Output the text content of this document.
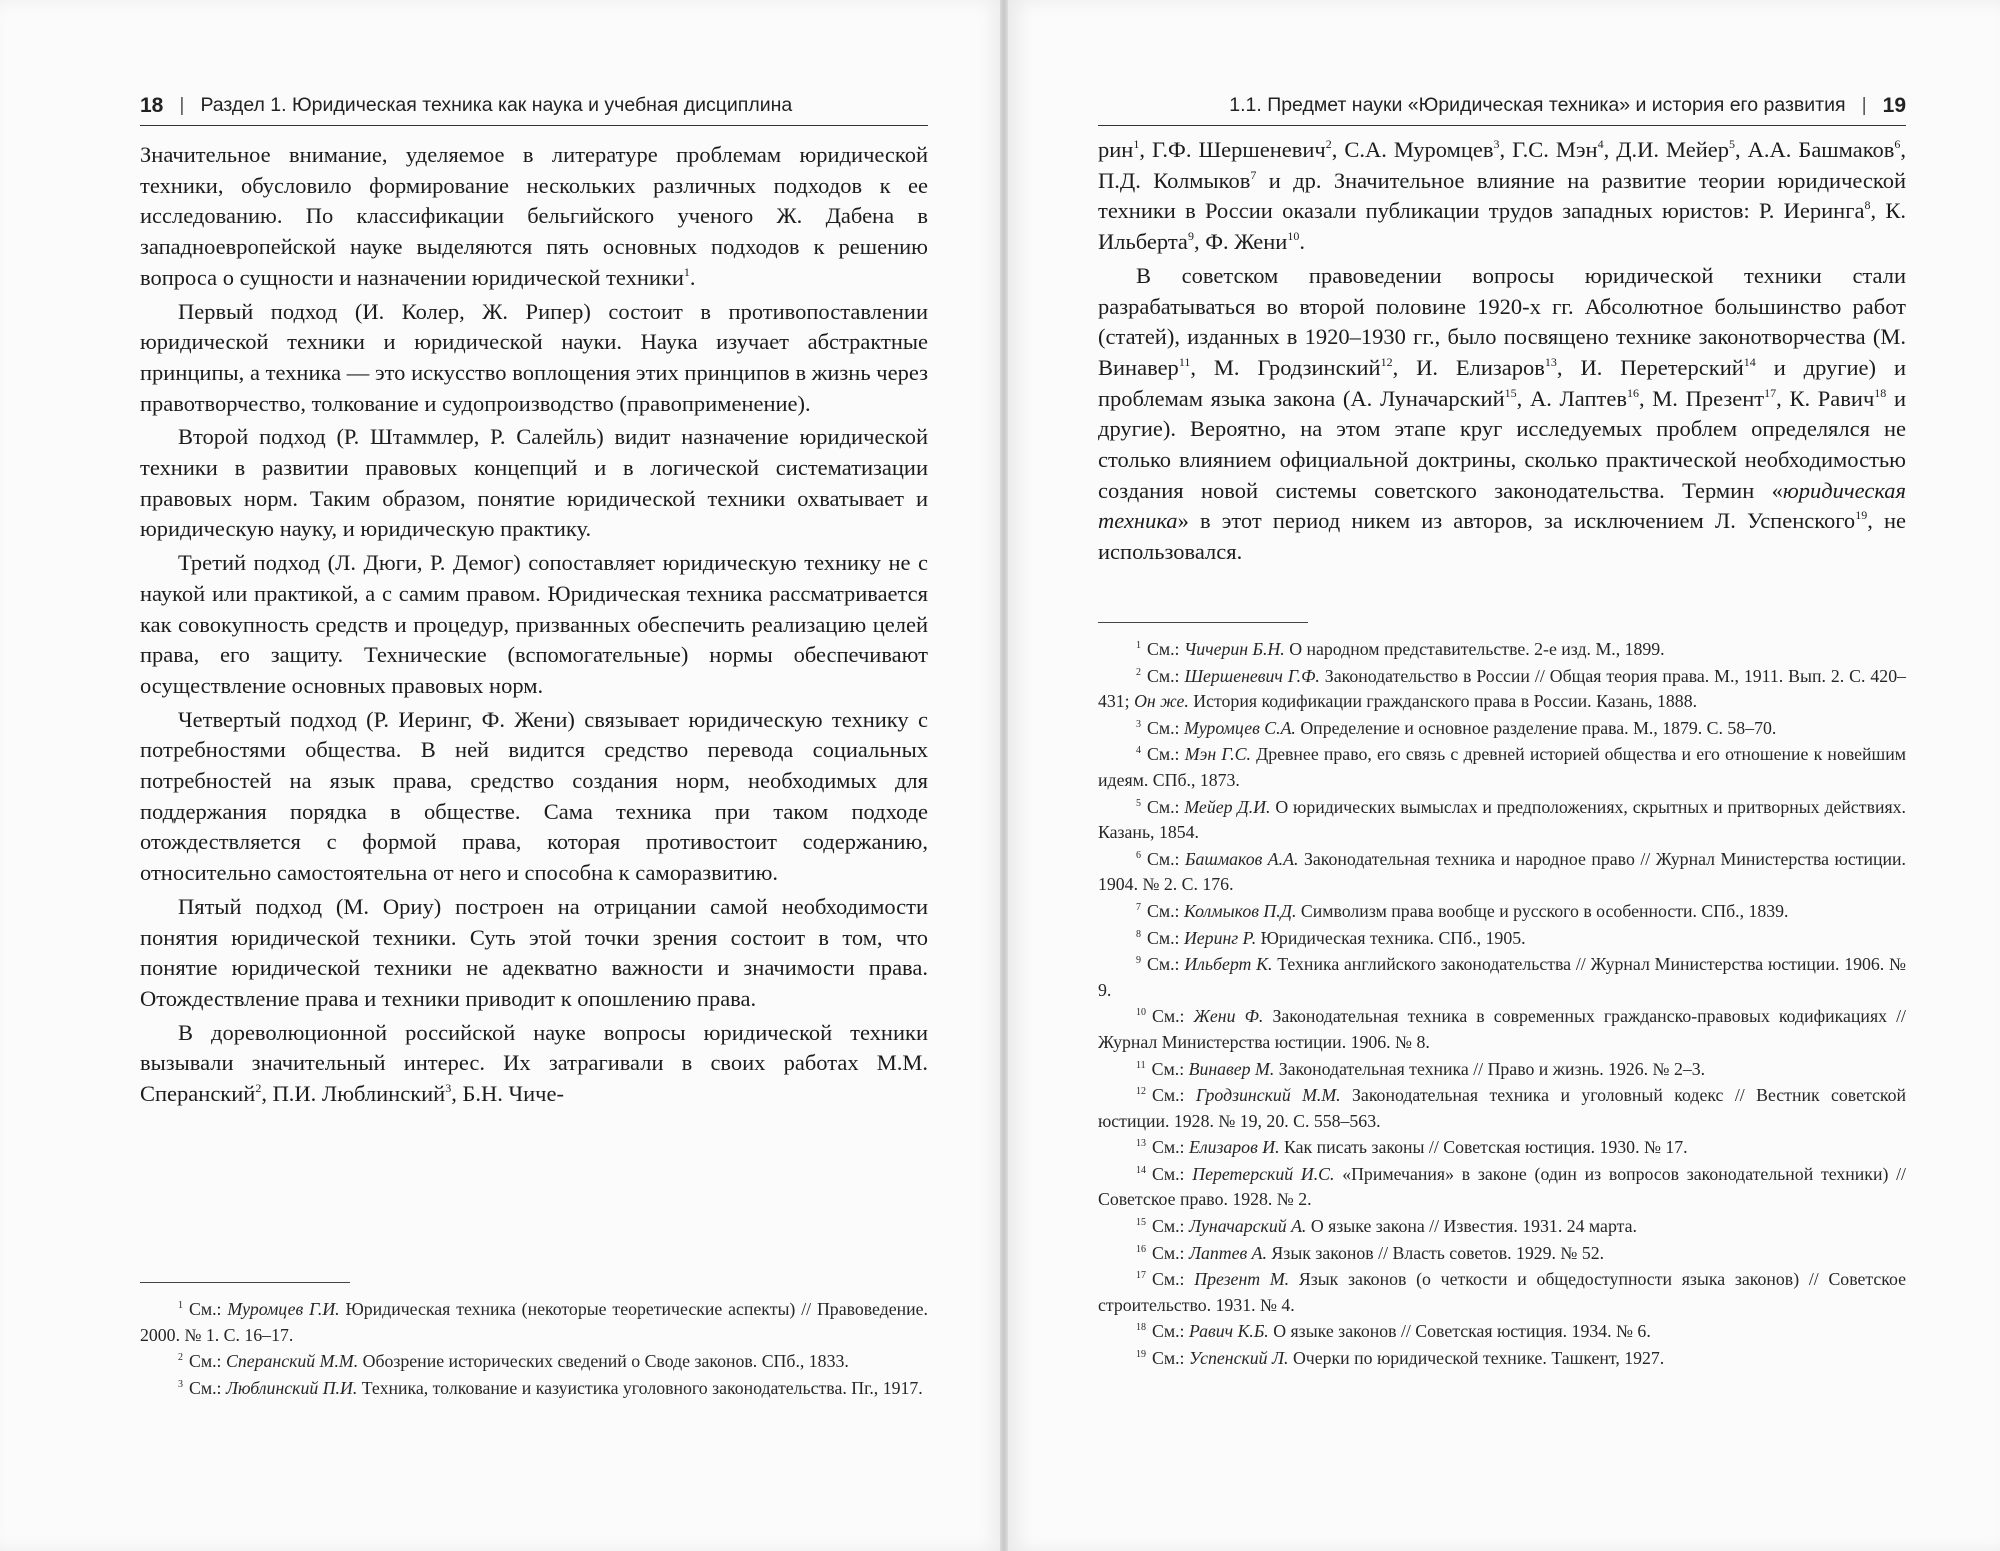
18 | Раздел 1. Юридическая техника как наука и учебная дисциплина

Значительное внимание, уделяемое в литературе проблемам юридической техники, обусловило формирование нескольких различных подходов к ее исследованию. По классификации бельгийского ученого Ж. Дабена в западноевропейской науке выделяются пять основных подходов к решению вопроса о сущности и назначении юридической техники$^1$.

Первый подход (И. Колер, Ж. Рипер) состоит в противопоставлении юридической техники и юридической науки. Наука изучает абстрактные принципы, а техника — это искусство воплощения этих принципов в жизнь через правотворчество, толкование и судопроизводство (правоприменение).

Второй подход (Р. Штаммлер, Р. Салейль) видит назначение юридической техники в развитии правовых концепций и в логической систематизации правовых норм. Таким образом, понятие юридической техники охватывает и юридическую науку, и юридическую практику.

Третий подход (Л. Дюги, Р. Демог) сопоставляет юридическую технику не с наукой или практикой, а с самим правом. Юридическая техника рассматривается как совокупность средств и процедур, призванных обеспечить реализацию целей права, его защиту. Технические (вспомогательные) нормы обеспечивают осуществление основных правовых норм.

Четвертый подход (Р. Иеринг, Ф. Жени) связывает юридическую технику с потребностями общества. В ней видится средство перевода социальных потребностей на язык права, средство создания норм, необходимых для поддержания порядка в обществе. Сама техника при таком подходе отождествляется с формой права, которая противостоит содержанию, относительно самостоятельна от него и способна к саморазвитию.

Пятый подход (М. Ориу) построен на отрицании самой необходимости понятия юридической техники. Суть этой точки зрения состоит в том, что понятие юридической техники не адекватно важности и значимости права. Отождествление права и техники приводит к опошлению права.

В дореволюционной российской науке вопросы юридической техники вызывали значительный интерес. Их затрагивали в своих работах М.М. Сперанский$^2$, П.И. Люблинский$^3$, Б.Н. Чиче-

$^1$ См.: Муромцев Г.И. Юридическая техника (некоторые теоретические аспекты) // Правоведение. 2000. № 1. С. 16–17.

$^2$ См.: Сперанский М.М. Обозрение исторических сведений о Своде законов. СПб., 1833.

$^3$ См.: Люблинский П.И. Техника, толкование и казуистика уголовного законодательства. Пг., 1917.

1.1. Предмет науки «Юридическая техника» и история его развития | 19

рин$^1$, Г.Ф. Шершеневич$^2$, С.А. Муромцев$^3$, Г.С. Мэн$^4$, Д.И. Мейер$^5$, А.А. Башмаков$^6$, П.Д. Колмыков$^7$ и др. Значительное влияние на развитие теории юридической техники в России оказали публикации трудов западных юристов: Р. Иеринга$^8$, К. Ильберта$^9$, Ф. Жени$^{10}$.

В советском правоведении вопросы юридической техники стали разрабатываться во второй половине 1920-х гг. Абсолютное большинство работ (статей), изданных в 1920–1930 гг., было посвящено технике законотворчества (М. Винавер$^{11}$, М. Гродзинский$^{12}$, И. Елизаров$^{13}$, И. Перетерский$^{14}$ и другие) и проблемам языка закона (А. Луначарский$^{15}$, А. Лаптев$^{16}$, М. Презент$^{17}$, К. Равич$^{18}$ и другие). Вероятно, на этом этапе круг исследуемых проблем определялся не столько влиянием официальной доктрины, сколько практической необходимостью создания новой системы советского законодательства. Термин «юридическая техника» в этот период никем из авторов, за исключением Л. Успенского$^{19}$, не использовался.

$^1$ См.: Чичерин Б.Н. О народном представительстве. 2-е изд. М., 1899.

$^2$ См.: Шершеневич Г.Ф. Законодательство в России // Общая теория права. М., 1911. Вып. 2. С. 420–431; Он же. История кодификации гражданского права в России. Казань, 1888.

$^3$ См.: Муромцев С.А. Определение и основное разделение права. М., 1879. С. 58–70.

$^4$ См.: Мэн Г.С. Древнее право, его связь с древней историей общества и его отношение к новейшим идеям. СПб., 1873.

$^5$ См.: Мейер Д.И. О юридических вымыслах и предположениях, скрытных и притворных действиях. Казань, 1854.

$^6$ См.: Башмаков А.А. Законодательная техника и народное право // Журнал Министерства юстиции. 1904. № 2. С. 176.

$^7$ См.: Колмыков П.Д. Символизм права вообще и русского в особенности. СПб., 1839.

$^8$ См.: Иеринг Р. Юридическая техника. СПб., 1905.

$^9$ См.: Ильберт К. Техника английского законодательства // Журнал Министерства юстиции. 1906. № 9.

$^{10}$ См.: Жени Ф. Законодательная техника в современных гражданско-правовых кодификациях // Журнал Министерства юстиции. 1906. № 8.

$^{11}$ См.: Винавер М. Законодательная техника // Право и жизнь. 1926. № 2–3.

$^{12}$ См.: Гродзинский М.М. Законодательная техника и уголовный кодекс // Вестник советской юстиции. 1928. № 19, 20. С. 558–563.

$^{13}$ См.: Елизаров И. Как писать законы // Советская юстиция. 1930. № 17.

$^{14}$ См.: Перетерский И.С. «Примечания» в законе (один из вопросов законодательной техники) // Советское право. 1928. № 2.

$^{15}$ См.: Луначарский А. О языке закона // Известия. 1931. 24 марта.

$^{16}$ См.: Лаптев А. Язык законов // Власть советов. 1929. № 52.

$^{17}$ См.: Презент М. Язык законов (о четкости и общедоступности языка законов) // Советское строительство. 1931. № 4.

$^{18}$ См.: Равич К.Б. О языке законов // Советская юстиция. 1934. № 6.

$^{19}$ См.: Успенский Л. Очерки по юридической технике. Ташкент, 1927.
